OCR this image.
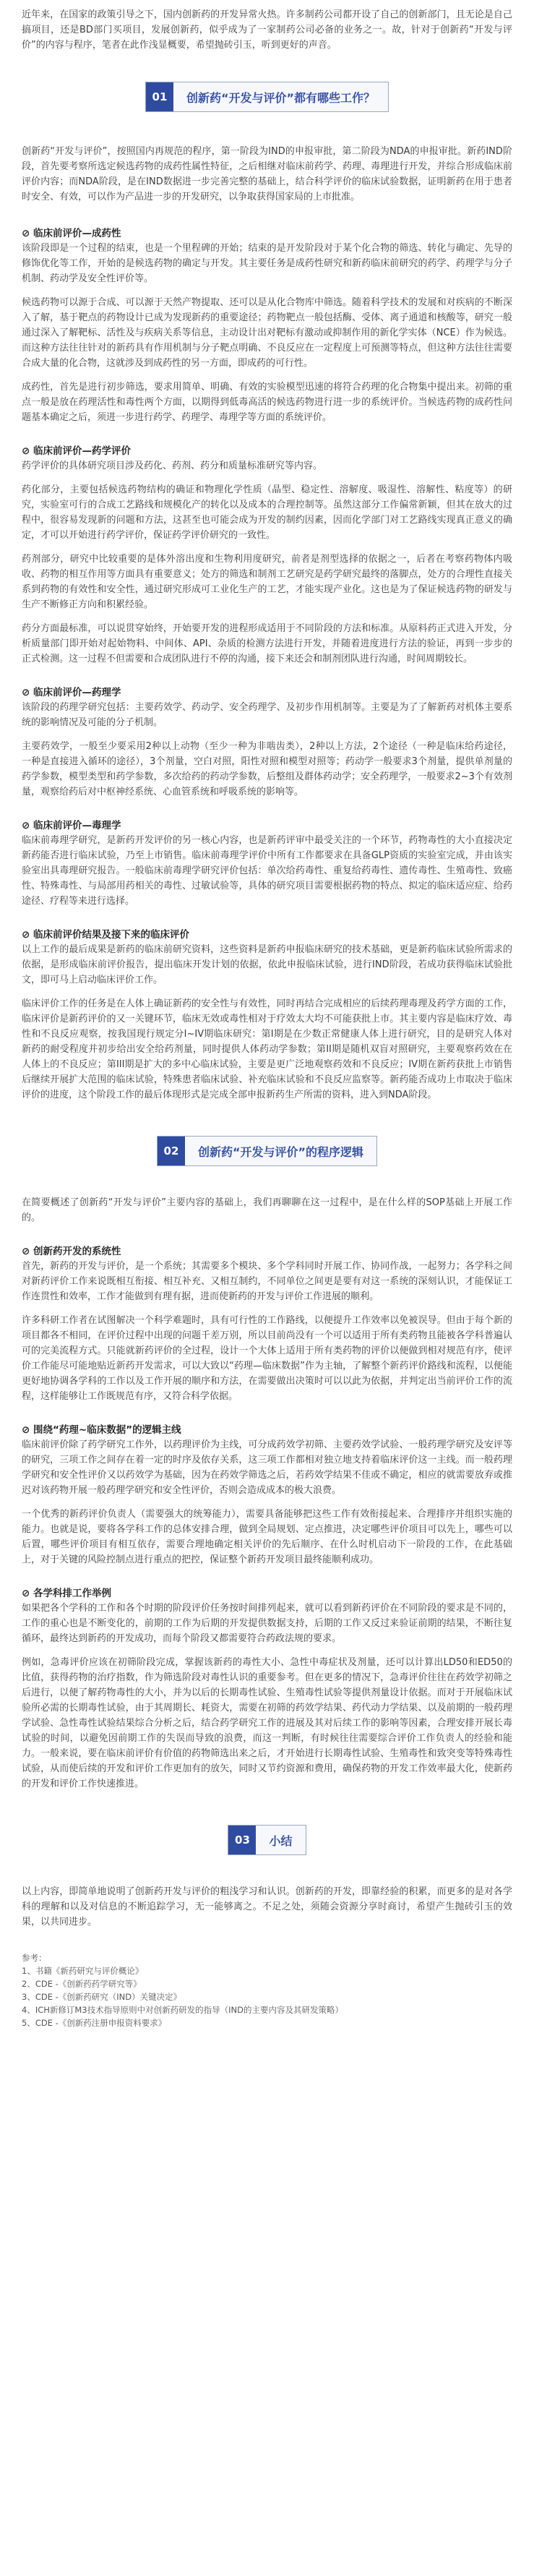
近年来，在国家的政策引导之下，国内创新药的开发异常火热。许多制药公司都开设了自己的创新部门，且无论是自己搞项目，还是BD部门买项目，发展创新药，似乎成为了一家制药公司必备的业务之一。故，针对于创新药“开发与评价”的内容与程序，笔者在此作浅显概要，希望抛砖引玉，听到更好的声音。

01	创新药“开发与评价”都有哪些工作？

创新药“开发与评价”，按照国内再规范的程序，第一阶段为IND的申报审批，第二阶段为NDA的申报审批。新药IND阶段，首先要考察所选定候选药物的成药性属性特征，之后相继对临床前药学、药理、毒理进行开发，并综合形成临床前评价内容；而NDA阶段，是在IND数据进一步完善完整的基础上，结合科学评价的临床试验数据，证明新药在用于患者时安全、有效，可以作为产品进一步的开发研究，以争取获得国家局的上市批准。

⊘ 临床前评价—成药性

该阶段即是一个过程的结束，也是一个里程碑的开始；结束的是开发阶段对于某个化合物的筛选、转化与确定、先导的修饰优化等工作，开始的是候选药物的确定与开发。其主要任务是成药性研究和新药临床前研究的药学、药理学与分子机制、药动学及安全性评价等。

候选药物可以源于合成、可以源于天然产物提取、还可以是从化合物库中筛选。随着科学技术的发展和对疾病的不断深入了解，基于靶点的药物设计已成为发现新药的重要途径；药物靶点一般包括酶、受体、离子通道和核酸等，研究一般通过深入了解靶标、活性及与疾病关系等信息，主动设计出对靶标有激动或抑制作用的新化学实体（NCE）作为候选。而这种方法往往针对的新药具有作用机制与分子靶点明确、不良反应在一定程度上可预测等特点，但这种方法往往需要合成大量的化合物，这就涉及到成药性的另一方面，即成药的可行性。

成药性，首先是进行初步筛选，要求用简单、明确、有效的实验模型迅速的将符合药理的化合物集中提出来。初筛的重点一般是放在药理活性和毒性两个方面，以期得到低毒高活的候选药物进行进一步的系统评价。当候选药物的成药性问题基本确定之后，须进一步进行药学、药理学、毒理学等方面的系统评价。

⊘ 临床前评价—药学评价

药学评价的具体研究项目涉及药化、药剂、药分和质量标准研究等内容。

药化部分，主要包括候选药物结构的确证和物理化学性质（晶型、稳定性、溶解度、吸湿性、溶解性、粘度等）的研究，实验室可行的合成工艺路线和规模化产的转化以及成本的合理控制等。虽然这部分工作偏常新颖，但其在放大的过程中，很容易发现新的问题和方法，这甚至也可能会成为开发的制约因素，因而化学部门对工艺路线实现真正意义的确定，才可以开始进行药学评价，保证药学评价研究的一致性。

药剂部分，研究中比较重要的是体外溶出度和生物利用度研究，前者是剂型选择的依据之一，后者在考察药物体内吸收、药物的相互作用等方面具有重要意义；处方的筛选和制剂工艺研究是药学研究最终的落脚点，处方的合理性直接关系到药物的有效性和安全性，通过研究形成可工业化生产的工艺，才能实现产业化。这也是为了保证候选药物的研发与生产不断修正方向和积累经验。

药分方面最标准，可以说贯穿始终，开始要开发的进程形成适用于不同阶段的方法和标准。从原料药正式进入开发，分析质量部门即开始对起始物料、中间体、API、杂质的检测方法进行开发，并随着进度进行方法的验证，再到一步步的正式检测。这一过程不但需要和合成团队进行不停的沟通，接下来还会和制剂团队进行沟通，时间周期较长。

⊘ 临床前评价—药理学

该阶段的药理学研究包括：主要药效学、药动学、安全药理学、及初步作用机制等。主要是为了了解新药对机体主要系统的影响情况及可能的分子机制。

主要药效学，一般至少要采用2种以上动物（至少一种为非啮齿类），2种以上方法，2个途径（一种是临床给药途径，一种是直接进入循环的途径），3个剂量，空白对照，阳性对照和模型对照等；药动学一般要求3个剂量，提供单剂量的药学参数，模型类型和药学参数，多次给药的药动学参数，后整组及群体药动学；安全药理学，一般要求2~3个有效剂量，观察给药后对中枢神经系统、心血管系统和呼吸系统的影响等。

⊘ 临床前评价—毒理学

临床前毒理学研究，是新药开发评价的另一核心内容，也是新药评审中最受关注的一个环节，药物毒性的大小直接决定新药能否进行临床试验，乃至上市销售。临床前毒理学评价中所有工作都要求在具备GLP资质的实验室完成，并由该实验室出具毒理研究报告。一般临床前毒理学研究评价包括：单次给药毒性、重复给药毒性、遗传毒性、生殖毒性、致癌性、特殊毒性、与局部用药相关的毒性、过敏试验等，具体的研究项目需要根据药物的特点、拟定的临床适应症、给药途径、疗程等来进行选择。

⊘ 临床前评价结果及接下来的临床评价

以上工作的最后成果是新药的临床前研究资料，这些资料是新药申报临床研究的技术基础，更是新药临床试验所需求的依据，是形成临床前评价报告，提出临床开发计划的依据，依此申报临床试验，进行IND阶段，若成功获得临床试验批文，即可马上启动临床评价工作。

临床评价工作的任务是在人体上确证新药的安全性与有效性，同时再结合完成相应的后续药理毒理及药学方面的工作，临床评价是新药评价的又一关键环节，临床无效或毒性相对于疗效太大均不可能获批上市。其主要内容是临床疗效、毒性和不良反应观察，按我国现行规定分I~IV期临床研究：第I期是在少数正常健康人体上进行研究，目的是研究人体对新药的耐受程度并初步给出安全给药剂量，同时提供人体药动学参数；第II期是随机双盲对照研究，主要观察药效在在人体上的不良反应；第III期是扩大的多中心临床试验，主要是更广泛地观察药效和不良反应；IV期在新药获批上市销售后继续开展扩大范围的临床试验，特殊患者临床试验、补充临床试验和不良反应监察等。新药能否成功上市取决于临床评价的进度，这个阶段工作的最后体现形式是完成全部申报新药生产所需的资料，进入到NDA阶段。

02	创新药“开发与评价”的程序逻辑

在简要概述了创新药“开发与评价”主要内容的基础上，我们再聊聊在这一过程中，是在什么样的SOP基础上开展工作的。

⊘ 创新药开发的系统性

首先，新药的开发与评价，是一个系统；其需要多个模块、多个学科同时开展工作、协同作战，一起努力；各学科之间对新药评价工作来说既相互衔接、相互补充、又相互制约，不同单位之间更是要有对这一系统的深刻认识，才能保证工作连贯性和效率，工作才能做到有理有据，进而使新药的开发与评价工作进展的顺利。

许多科研工作者在试图解决一个科学难题时，具有可行性的工作路线，以便提升工作效率以免被误导。但由于每个新的项目都各不相同，在评价过程中出现的问题千差万别，所以目前尚没有一个可以适用于所有类药物且能被各学科普遍认可的完美流程方式。只能就新药评价的全过程，设计一个大体上适用于所有类药物的评价以便做到相对规范有序，使评价工作能尽可能地贴近新药开发需求，可以大致以“药理—临床数据”作为主轴，了解整个新药评价路线和流程，以便能更好地协调各学科的工作以及工作开展的顺序和方法，在需要做出决策时可以以此为依据，并判定出当前评价工作的流程，这样能够让工作既规范有序，又符合科学依据。

⊘ 围绕“药理~临床数据”的逻辑主线

临床前评价除了药学研究工作外，以药理评价为主线，可分成药效学初筛、主要药效学试验、一般药理学研究及安评等的研究，三项工作之间存在着一定的时序及依存关系，这三项工作都相对独立地支持着临床评价这一主线。而一般药理学研究和安全性评价又以药效学为基础，因为在药效学筛选之后，若药效学结果不佳或不确定，相应的就需要放弃或推迟对该药物开展一般药理学研究和安全性评价，否则会造成成本的极大浪费。

一个优秀的新药评价负责人（需要强大的统筹能力），需要具备能够把这些工作有效衔接起来、合理排序并组织实施的能力。也就是说，要将各学科工作的总体安排合理，做到全局规划、定点推进，决定哪些评价项目可以先上，哪些可以后置，哪些评价项目有相互依存，需要合理地确定相关评价的先后顺序、在什么时机启动下一阶段的工作，在此基础上，对于关键的风险控制点进行重点的把控，保证整个新药开发项目最终能顺利成功。

⊘ 各学科排工作举例

如果把各个学科的工作和各个时期的阶段评价任务按时间排列起来，就可以看到新药评价在不同阶段的要求是不同的，工作的重心也是不断变化的，前期的工作为后期的开发提供数据支持，后期的工作又反过来验证前期的结果，不断往复循环，最终达到新药的开发成功，而每个阶段又都需要符合药政法规的要求。

例如，急毒评价应该在初筛阶段完成，掌握该新药的毒性大小、急性中毒症状及剂量，还可以计算出LD50和ED50的比值，获得药物的治疗指数，作为筛选阶段对毒性认识的重要参考。但在更多的情况下，急毒评价往往在药效学初筛之后进行，以便了解药物毒性的大小，并为以后的长期毒性试验、生殖毒性试验等提供剂量设计依据。而对于开展临床试验所必需的长期毒性试验，由于其周期长、耗资大，需要在初筛的药效学结果、药代动力学结果、以及前期的一般药理学试验、急性毒性试验结果综合分析之后，结合药学研究工作的进展及其对后续工作的影响等因素，合理安排开展长毒试验的时间，以避免因前期工作的失误而导致的浪费，而这一判断，有时候往往需要综合评价工作负责人的经验和能力。一般来说，要在临床前评价有价值的药物筛选出来之后，才开始进行长期毒性试验、生殖毒性和致突变等特殊毒性试验，从而使后续的开发和评价工作更加有的放矢，同时又节约资源和费用，确保药物的开发工作效率最大化，使新药的开发和评价工作快速推进。

03	小结

以上内容，即简单地说明了创新药开发与评价的粗浅学习和认识。创新药的开发，即靠经验的积累，而更多的是对各学科的理解和以及对信息的不断追踪学习，无一能够离之。不足之处，须随会资源分享时商讨，希望产生抛砖引玉的效果，以共同进步。

参考：

1、书籍《新药研究与评价概论》

2、CDE -《创新药药学研究等》

3、CDE -《创新药研究（IND）关键决定》

4、ICH新修订M3技术指导原则中对创新药研发的指导（IND的主要内容及其研发策略）

5、CDE -《创新药注册申报资料要求》
